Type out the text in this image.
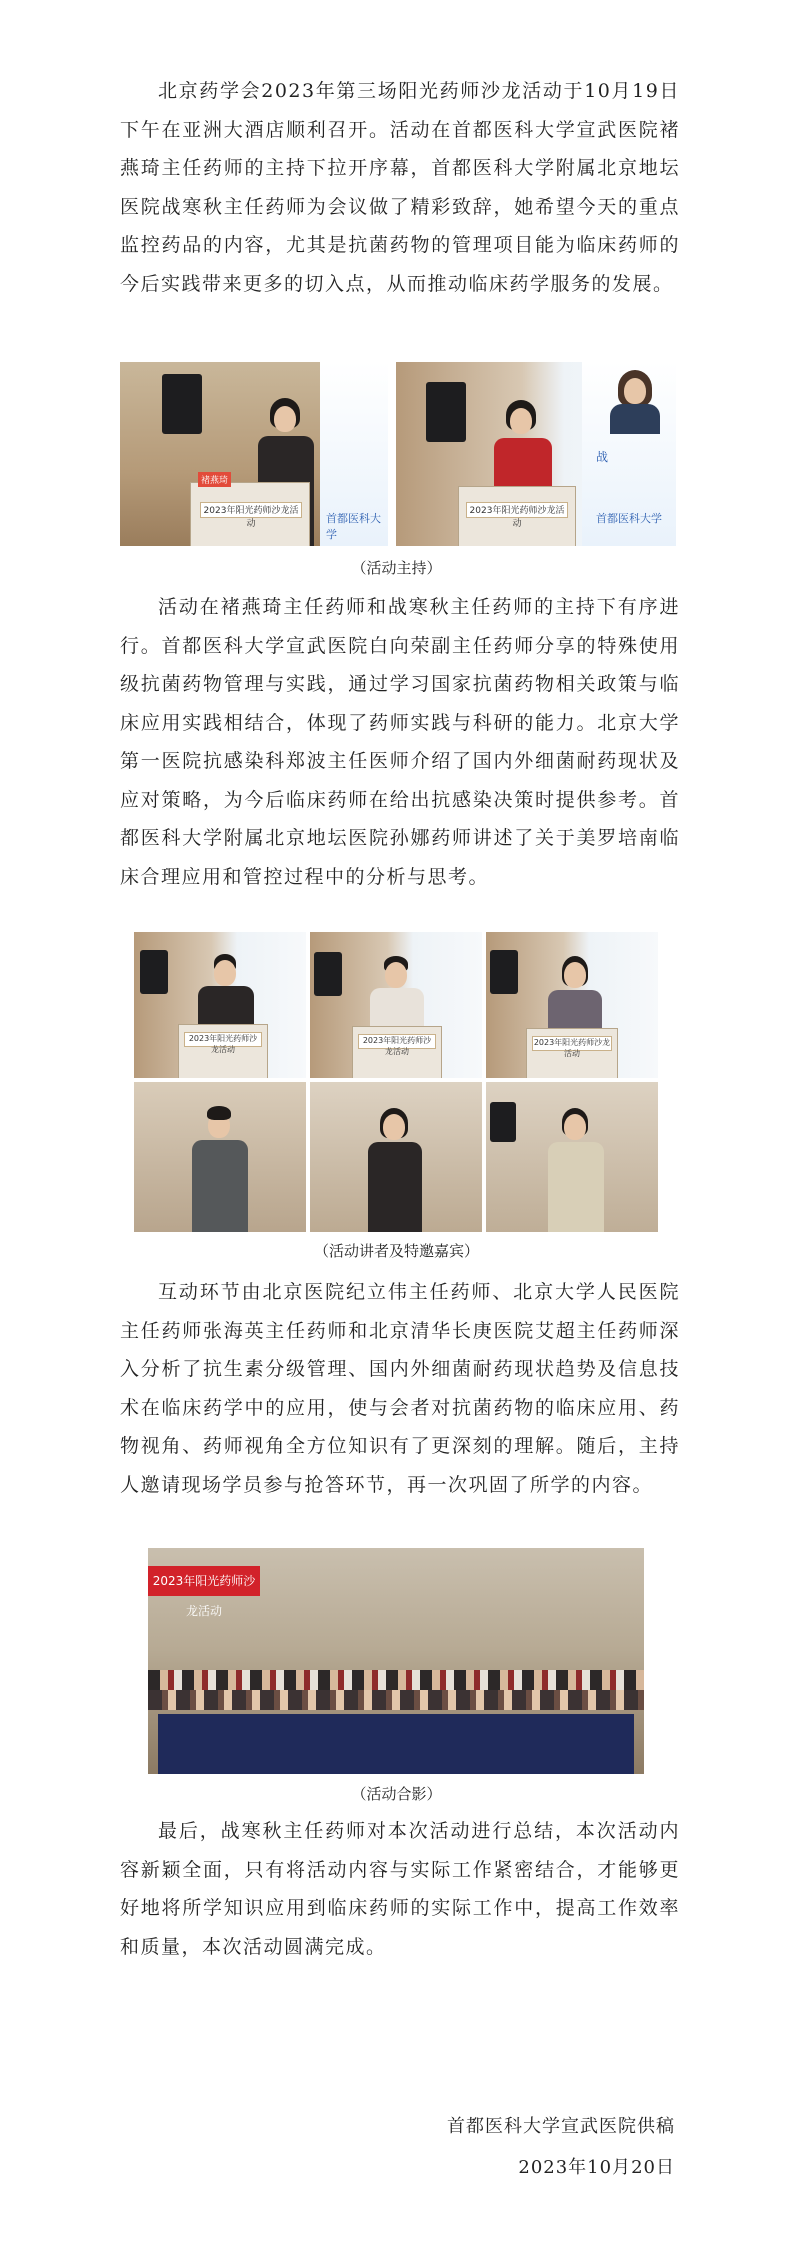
北京药学会2023年第三场阳光药师沙龙活动于10月19日下午在亚洲大酒店顺利召开。活动在首都医科大学宣武医院褚燕琦主任药师的主持下拉开序幕，首都医科大学附属北京地坛医院战寒秋主任药师为会议做了精彩致辞，她希望今天的重点监控药品的内容，尤其是抗菌药物的管理项目能为临床药师的今后实践带来更多的切入点，从而推动临床药学服务的发展。

褚燕琦
2023年阳光药师沙龙活动	首都医科大学
2023年阳光药师沙龙活动
战
首都医科大学
（活动主持）

活动在褚燕琦主任药师和战寒秋主任药师的主持下有序进行。首都医科大学宣武医院白向荣副主任药师分享的特殊使用级抗菌药物管理与实践，通过学习国家抗菌药物相关政策与临床应用实践相结合，体现了药师实践与科研的能力。北京大学第一医院抗感染科郑波主任医师介绍了国内外细菌耐药现状及应对策略，为今后临床药师在给出抗感染决策时提供参考。首都医科大学附属北京地坛医院孙娜药师讲述了关于美罗培南临床合理应用和管控过程中的分析与思考。

2023年阳光药师沙龙活动
2023年阳光药师沙龙活动
2023年阳光药师沙龙活动
（活动讲者及特邀嘉宾）

互动环节由北京医院纪立伟主任药师、北京大学人民医院主任药师张海英主任药师和北京清华长庚医院艾超主任药师深入分析了抗生素分级管理、国内外细菌耐药现状趋势及信息技术在临床药学中的应用，使与会者对抗菌药物的临床应用、药物视角、药师视角全方位知识有了更深刻的理解。随后，主持人邀请现场学员参与抢答环节，再一次巩固了所学的内容。

2023年阳光药师沙龙活动
（活动合影）

最后，战寒秋主任药师对本次活动进行总结，本次活动内容新颖全面，只有将活动内容与实际工作紧密结合，才能够更好地将所学知识应用到临床药师的实际工作中，提高工作效率和质量，本次活动圆满完成。

首都医科大学宣武医院供稿
2023年10月20日
